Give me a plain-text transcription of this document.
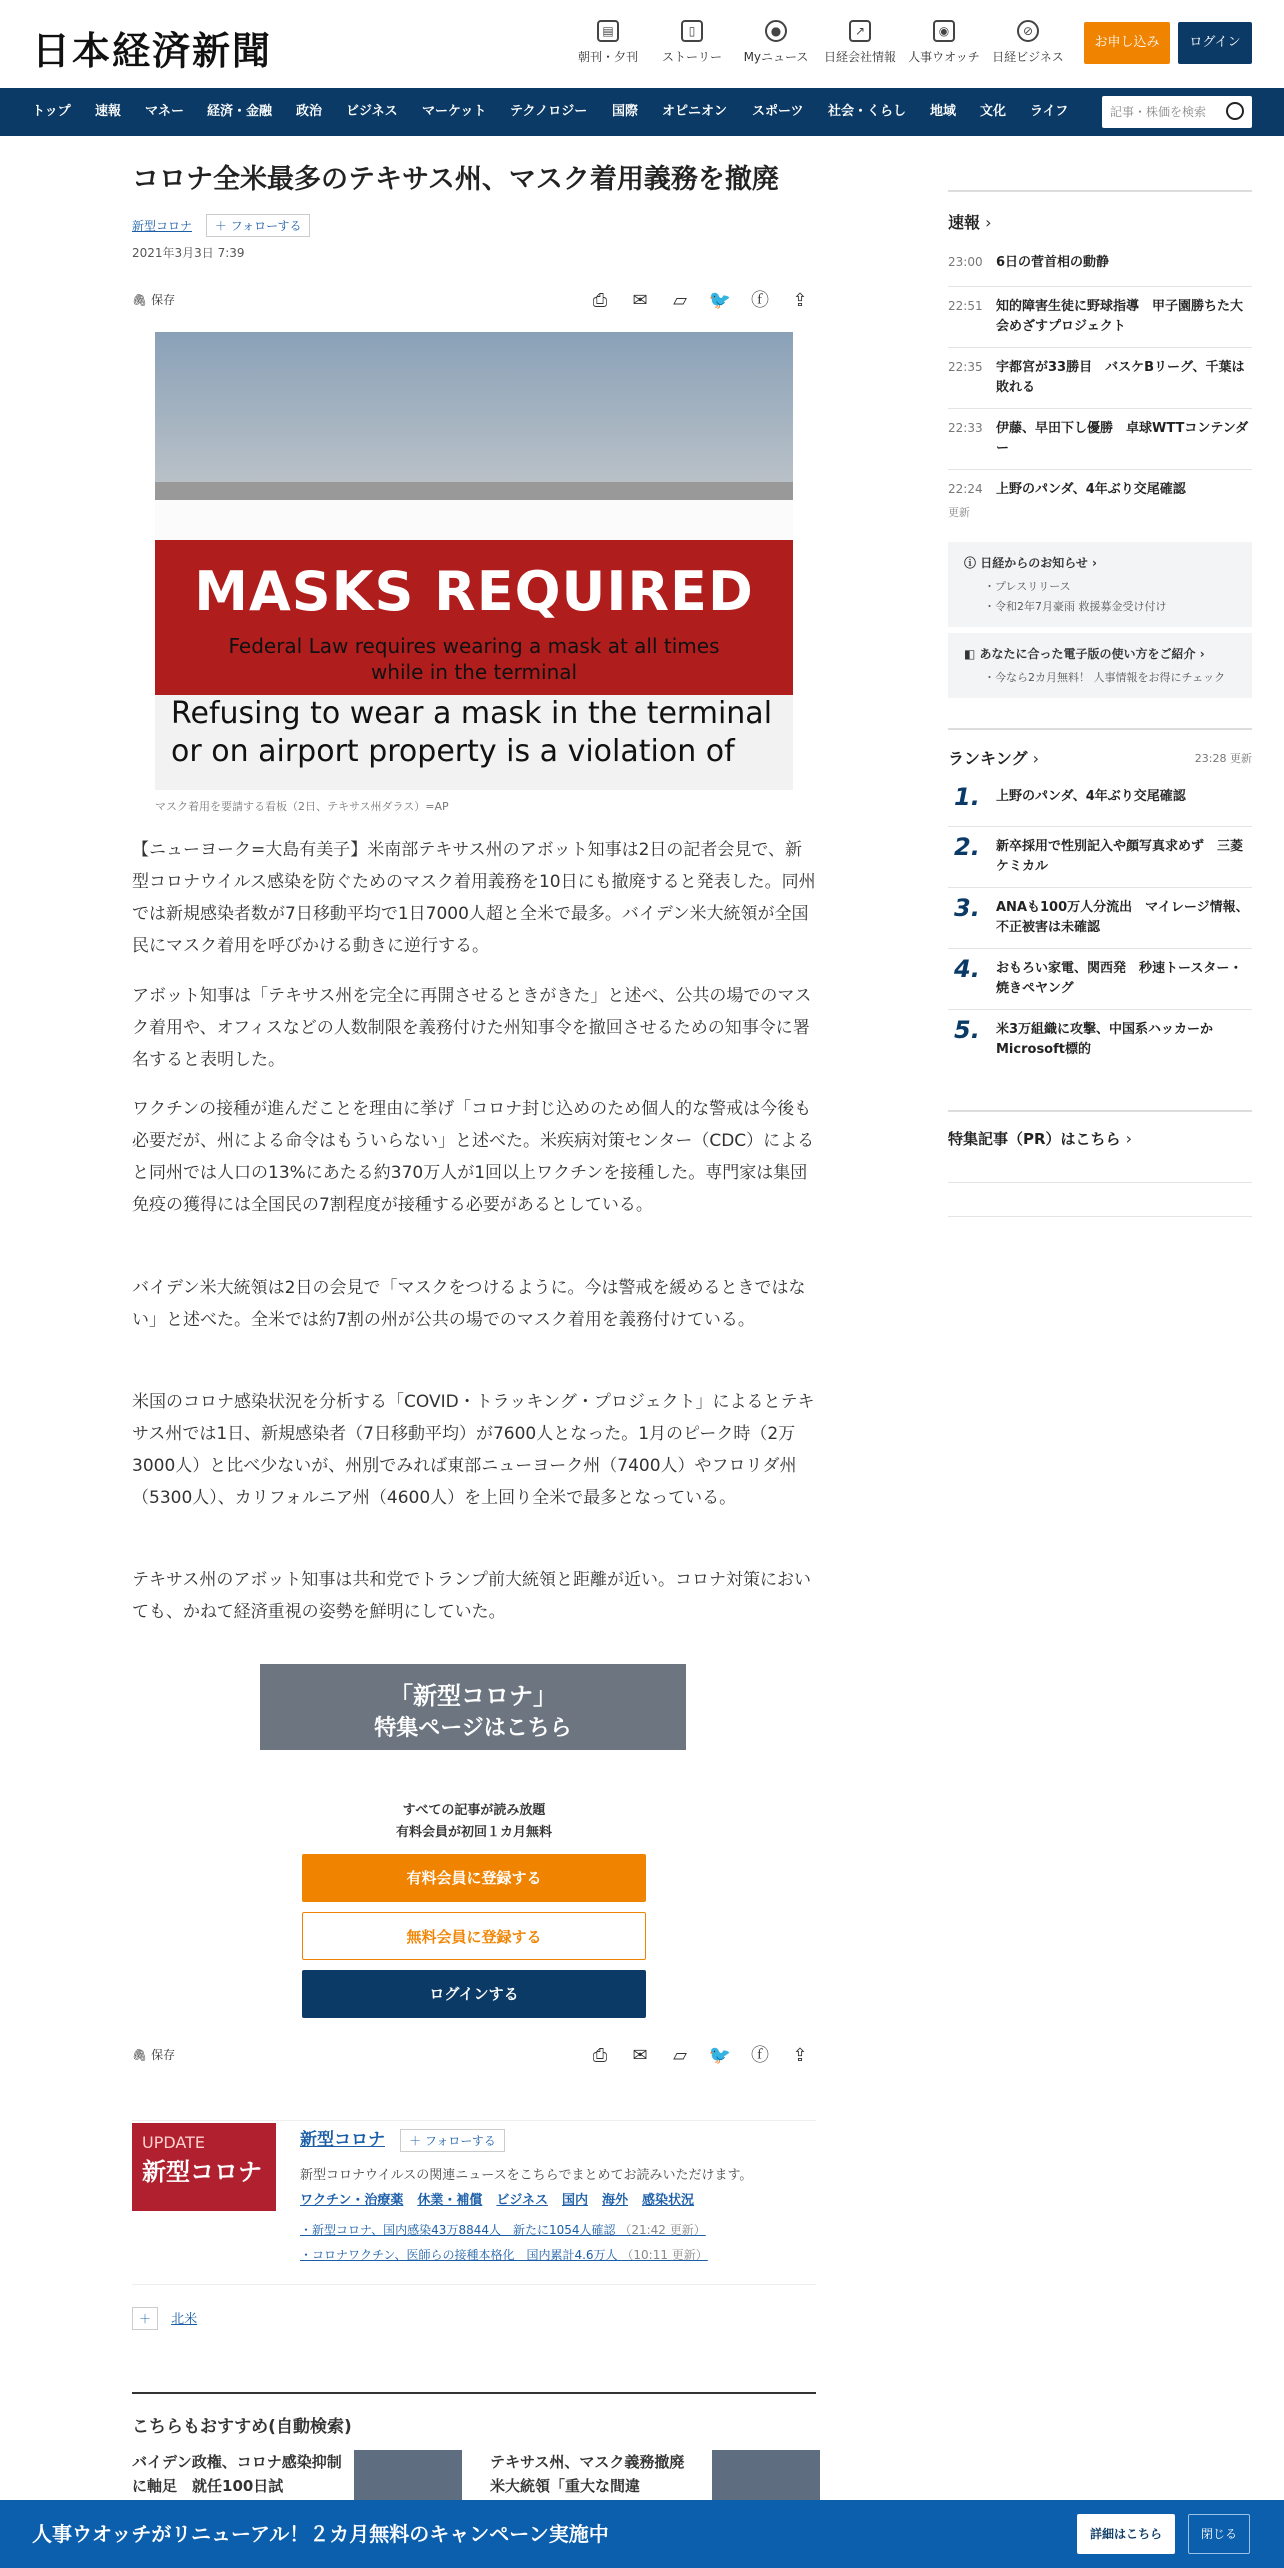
日本経済新聞	▤
朝刊・夕刊
▯
ストーリー
●
Myニュース
↗
日経会社情報
◉
人事ウオッチ
⊘
日経ビジネス
お申し込み	ログイン
トップ 速報 マネー 経済・金融 政治 ビジネス マーケット テクノロジー 国際 オピニオン スポーツ 社会・くらし 地域 文化 ライフ	記事・株価を検索
コロナ全米最多のテキサス州、マスク着用義務を撤廃
新型コロナ ＋ フォローする
2021年3月3日 7:39
🖇 保存	⎙ ✉ ▱ 🐦 ⓕ ⇪
MASKS REQUIRED
Federal Law requires wearing a mask at all times
while in the terminal
Refusing to wear a mask in the terminal
or on airport property is a violation of
マスク着用を要請する看板（2日、テキサス州ダラス）=AP
【ニューヨーク=大島有美子】米南部テキサス州のアボット知事は2日の記者会見で、新型コロナウイルス感染を防ぐためのマスク着用義務を10日にも撤廃すると発表した。同州では新規感染者数が7日移動平均で1日7000人超と全米で最多。バイデン米大統領が全国民にマスク着用を呼びかける動きに逆行する。
アボット知事は「テキサス州を完全に再開させるときがきた」と述べ、公共の場でのマスク着用や、オフィスなどの人数制限を義務付けた州知事令を撤回させるための知事令に署名すると表明した。
ワクチンの接種が進んだことを理由に挙げ「コロナ封じ込めのため個人的な警戒は今後も必要だが、州による命令はもういらない」と述べた。米疾病対策センター（CDC）によると同州では人口の13%にあたる約370万人が1回以上ワクチンを接種した。専門家は集団免疫の獲得には全国民の7割程度が接種する必要があるとしている。
バイデン米大統領は2日の会見で「マスクをつけるように。今は警戒を緩めるときではない」と述べた。全米では約7割の州が公共の場でのマスク着用を義務付けている。
米国のコロナ感染状況を分析する「COVID・トラッキング・プロジェクト」によるとテキサス州では1日、新規感染者（7日移動平均）が7600人となった。1月のピーク時（2万3000人）と比べ少ないが、州別でみれば東部ニューヨーク州（7400人）やフロリダ州（5300人）、カリフォルニア州（4600人）を上回り全米で最多となっている。
テキサス州のアボット知事は共和党でトランプ前大統領と距離が近い。コロナ対策においても、かねて経済重視の姿勢を鮮明にしていた。
「新型コロナ」
特集ページはこちら
すべての記事が読み放題
有料会員が初回１カ月無料
有料会員に登録する
無料会員に登録する
ログインする
🖇 保存	⎙ ✉ ▱ 🐦 ⓕ ⇪
UPDATE
新型コロナ
新型コロナ ＋ フォローする
新型コロナウイルスの関連ニュースをこちらでまとめてお読みいただけます。
ワクチン・治療薬 休業・補償 ビジネス 国内 海外 感染状況
・新型コロナ、国内感染43万8844人　新たに1054人確認 （21:42 更新）
・コロナワクチン、医師らの接種本格化　国内累計4.6万人 （10:11 更新）
＋ 北米
こちらもおすすめ(自動検索)
バイデン政権、コロナ感染抑制に軸足　就任100日試
テキサス州、マスク義務撤廃　米大統領「重大な間違
速報 ›
23:00 6日の菅首相の動静
22:51 知的障害生徒に野球指導　甲子園勝ちた大会めざすプロジェクト
22:35 宇都宮が33勝目　バスケBリーグ、千葉は敗れる
22:33 伊藤、早田下し優勝　卓球WTTコンテンダー
22:24 上野のパンダ、4年ぶり交尾確認
更新
ⓘ 日経からのお知らせ ›
・プレスリリース
・令和2年7月豪雨 救援募金受け付け
◧ あなたに合った電子版の使い方をご紹介 ›
・今なら2カ月無料！ 人事情報をお得にチェック
ランキング ›	23:28 更新
1. 上野のパンダ、4年ぶり交尾確認
2. 新卒採用で性別記入や顔写真求めず　三菱ケミカル
3. ANAも100万人分流出　マイレージ情報、不正被害は未確認
4. おもろい家電、関西発　秒速トースター・焼きペヤング
5. 米3万組織に攻撃、中国系ハッカーかMicrosoft標的
特集記事（PR）はこちら ›
人事ウオッチがリニューアル！２カ月無料のキャンペーン実施中	詳細はこちら	閉じる
